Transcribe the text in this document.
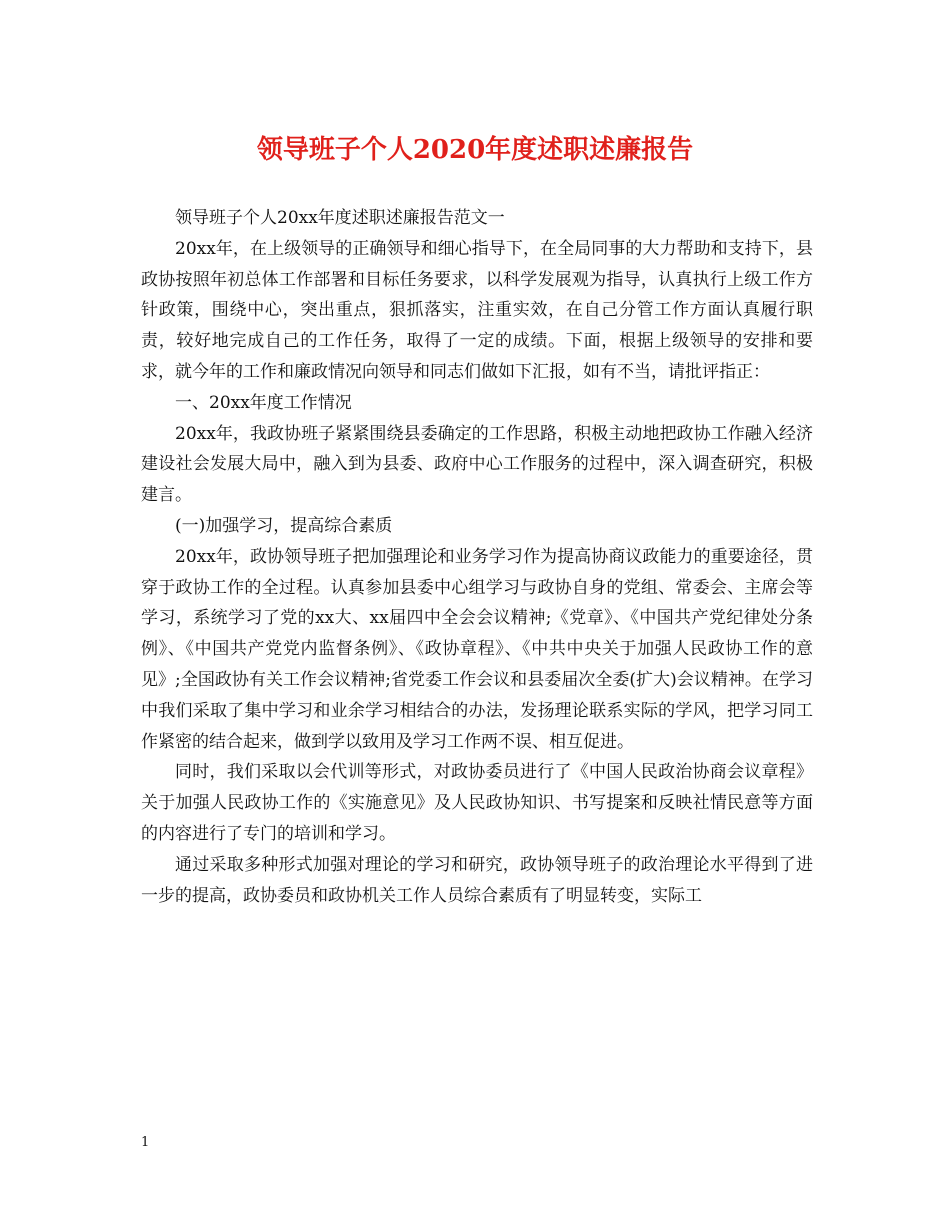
领导班子个人2020年度述职述廉报告

领导班子个人20xx年度述职述廉报告范文一

20xx年，在上级领导的正确领导和细心指导下，在全局同事的大力帮助和支持下，县政协按照年初总体工作部署和目标任务要求，以科学发展观为指导，认真执行上级工作方针政策，围绕中心，突出重点，狠抓落实，注重实效，在自己分管工作方面认真履行职责，较好地完成自己的工作任务，取得了一定的成绩。下面，根据上级领导的安排和要求，就今年的工作和廉政情况向领导和同志们做如下汇报，如有不当，请批评指正：

一、20xx年度工作情况

20xx年，我政协班子紧紧围绕县委确定的工作思路，积极主动地把政协工作融入经济建设社会发展大局中，融入到为县委、政府中心工作服务的过程中，深入调查研究，积极建言。

(一)加强学习，提高综合素质

20xx年，政协领导班子把加强理论和业务学习作为提高协商议政能力的重要途径，贯穿于政协工作的全过程。认真参加县委中心组学习与政协自身的党组、常委会、主席会等学习，系统学习了党的xx大、xx届四中全会会议精神;《党章》、《中国共产党纪律处分条例》、《中国共产党党内监督条例》、《政协章程》、《中共中央关于加强人民政协工作的意见》;全国政协有关工作会议精神;省党委工作会议和县委届次全委(扩大)会议精神。在学习中我们采取了集中学习和业余学习相结合的办法，发扬理论联系实际的学风，把学习同工作紧密的结合起来，做到学以致用及学习工作两不误、相互促进。

同时，我们采取以会代训等形式，对政协委员进行了《中国人民政治协商会议章程》关于加强人民政协工作的《实施意见》及人民政协知识、书写提案和反映社情民意等方面的内容进行了专门的培训和学习。

通过采取多种形式加强对理论的学习和研究，政协领导班子的政治理论水平得到了进一步的提高，政协委员和政协机关工作人员综合素质有了明显转变，实际工

1
